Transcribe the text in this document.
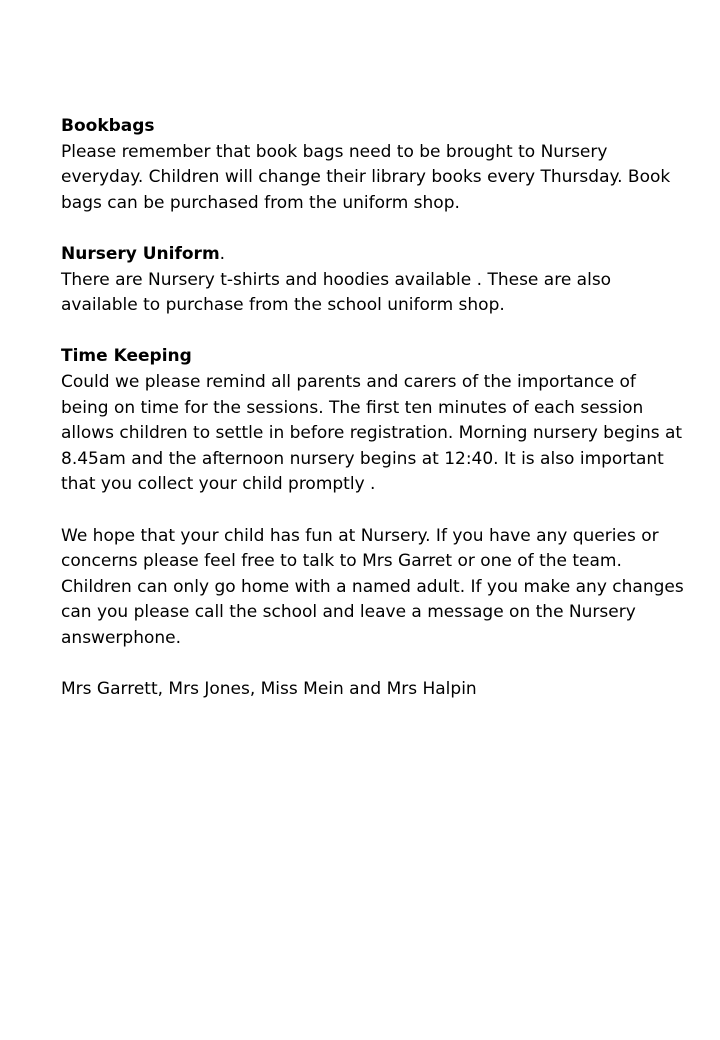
Bookbags

Please remember that book bags need to be brought to Nursery everyday. Children will change their library books every Thursday. Book bags can be purchased from the uniform shop.

Nursery Uniform.

There are Nursery t-shirts and hoodies available . These are also available to purchase from the school uniform shop.

Time Keeping

Could we please remind all parents and carers of the importance of being on time for the sessions. The first ten minutes of each session allows children to settle in before registration. Morning nursery begins at 8.45am and the afternoon nursery begins at 12:40. It is also important that you collect your child promptly .

We hope that your child has fun at Nursery. If you have any queries or concerns please feel free to talk to Mrs Garret or one of the team. Children can only go home with a named adult. If you make any changes can you please call the school and leave a message on the Nursery answerphone.

Mrs Garrett, Mrs Jones, Miss Mein and Mrs Halpin
